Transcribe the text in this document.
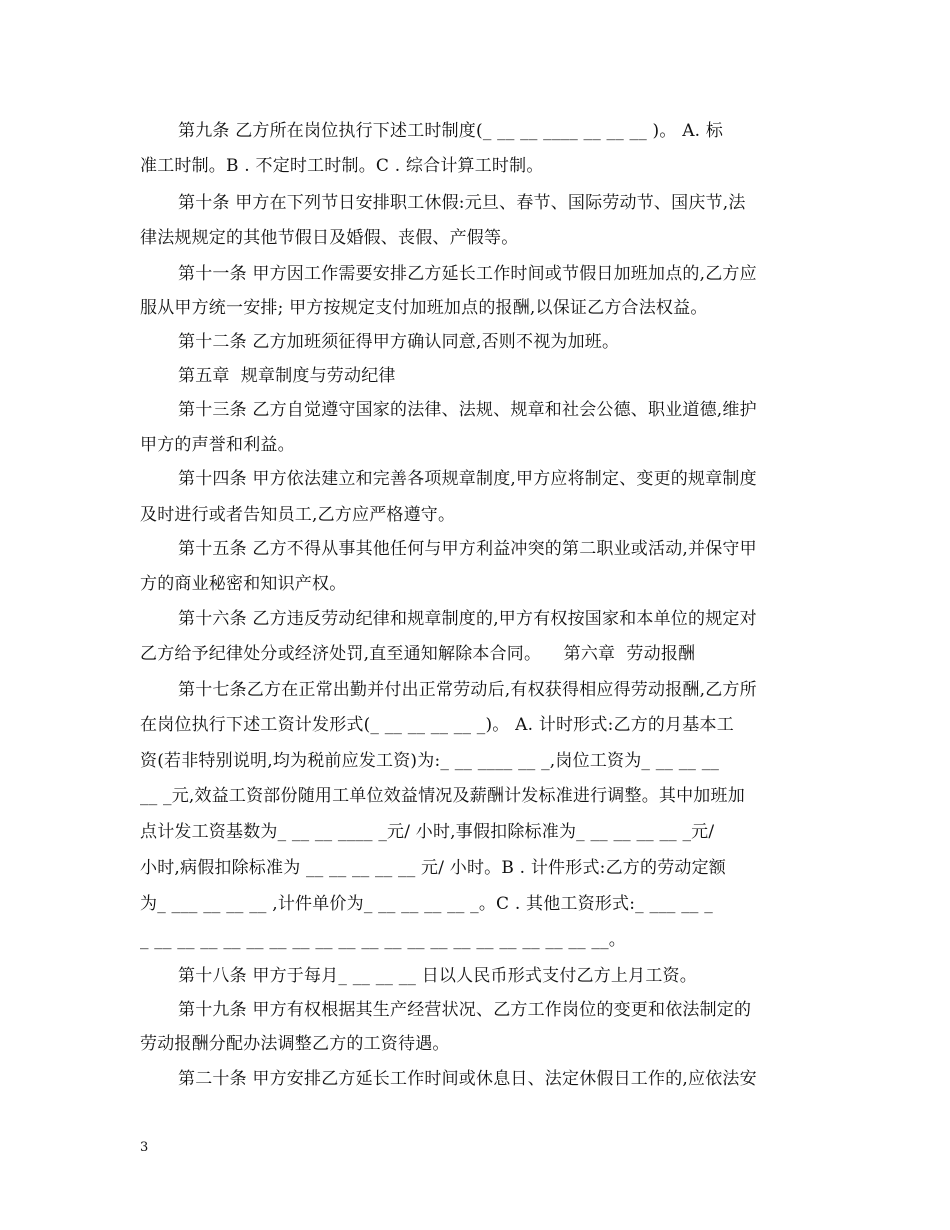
第九条 乙方所在岗位执行下述工时制度(_ __ __ ____ __ __ __ )。 A. 标

准工时制。B . 不定时工时制。C . 综合计算工时制。

第十条 甲方在下列节日安排职工休假:元旦、春节、国际劳动节、国庆节,法

律法规规定的其他节假日及婚假、丧假、产假等。

第十一条 甲方因工作需要安排乙方延长工作时间或节假日加班加点的,乙方应

服从甲方统一安排; 甲方按规定支付加班加点的报酬,以保证乙方合法权益。

第十二条 乙方加班须征得甲方确认同意,否则不视为加班。

第五章  规章制度与劳动纪律

第十三条 乙方自觉遵守国家的法律、法规、规章和社会公德、职业道德,维护

甲方的声誉和利益。

第十四条 甲方依法建立和完善各项规章制度,甲方应将制定、变更的规章制度

及时进行或者告知员工,乙方应严格遵守。

第十五条 乙方不得从事其他任何与甲方利益冲突的第二职业或活动,并保守甲

方的商业秘密和知识产权。

第十六条 乙方违反劳动纪律和规章制度的,甲方有权按国家和本单位的规定对

乙方给予纪律处分或经济处罚,直至通知解除本合同。    第六章  劳动报酬

第十七条乙方在正常出勤并付出正常劳动后,有权获得相应得劳动报酬,乙方所

在岗位执行下述工资计发形式(_ __ __ __ __ _)。 A. 计时形式:乙方的月基本工

资(若非特别说明,均为税前应发工资)为:_ __ ____ __ _,岗位工资为_ __ __ __

__ _元,效益工资部份随用工单位效益情况及薪酬计发标准进行调整。其中加班加

点计发工资基数为_ __ __ ____ _元/ 小时,事假扣除标准为_ __ __ __ __ _元/

小时,病假扣除标准为 __ __ __ __ __ 元/ 小时。B . 计件形式:乙方的劳动定额

为_ ___ __ __ __ ,计件单价为_ __ __ __ __ _。C . 其他工资形式:_ ___ __ _

_ __ __ __ __ __ __ __ __ __ __ __ __ __ __ __ __ __ __ __ __。

第十八条 甲方于每月_ __ __ __ 日以人民币形式支付乙方上月工资。

第十九条 甲方有权根据其生产经营状况、乙方工作岗位的变更和依法制定的

劳动报酬分配办法调整乙方的工资待遇。

第二十条 甲方安排乙方延长工作时间或休息日、法定休假日工作的,应依法安

3
